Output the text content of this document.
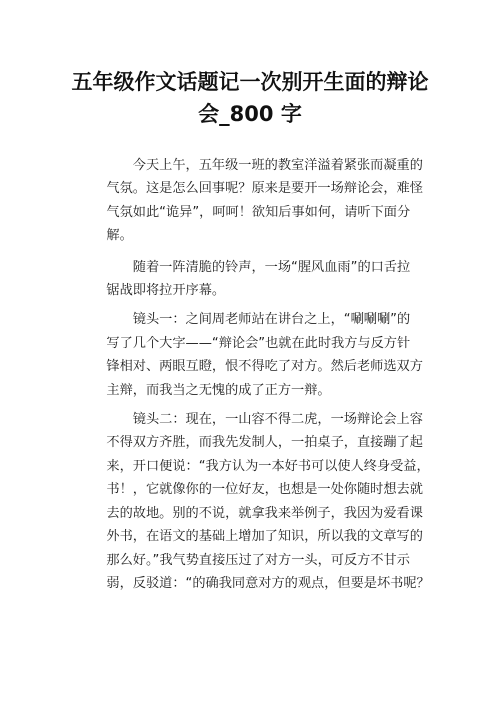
五年级作文话题记一次别开生面的辩论
会_800 字

今天上午，五年级一班的教室洋溢着紧张而凝重的
气氛。这是怎么回事呢？原来是要开一场辩论会，难怪
气氛如此“诡异”，呵呵！欲知后事如何，请听下面分
解。

随着一阵清脆的铃声，一场“腥风血雨”的口舌拉
锯战即将拉开序幕。

镜头一：之间周老师站在讲台之上，“唰唰唰”的
写了几个大字——“辩论会”也就在此时我方与反方针
锋相对、两眼互瞪，恨不得吃了对方。然后老师选双方
主辩，而我当之无愧的成了正方一辩。

镜头二：现在，一山容不得二虎，一场辩论会上容
不得双方齐胜，而我先发制人，一拍桌子，直接蹦了起
来，开口便说：“我方认为一本好书可以使人终身受益，
书！，它就像你的一位好友，也想是一处你随时想去就
去的故地。别的不说，就拿我来举例子，我因为爱看课
外书，在语文的基础上增加了知识，所以我的文章写的
那么好。”我气势直接压过了对方一头，可反方不甘示
弱，反驳道：“的确我同意对方的观点，但要是坏书呢？
